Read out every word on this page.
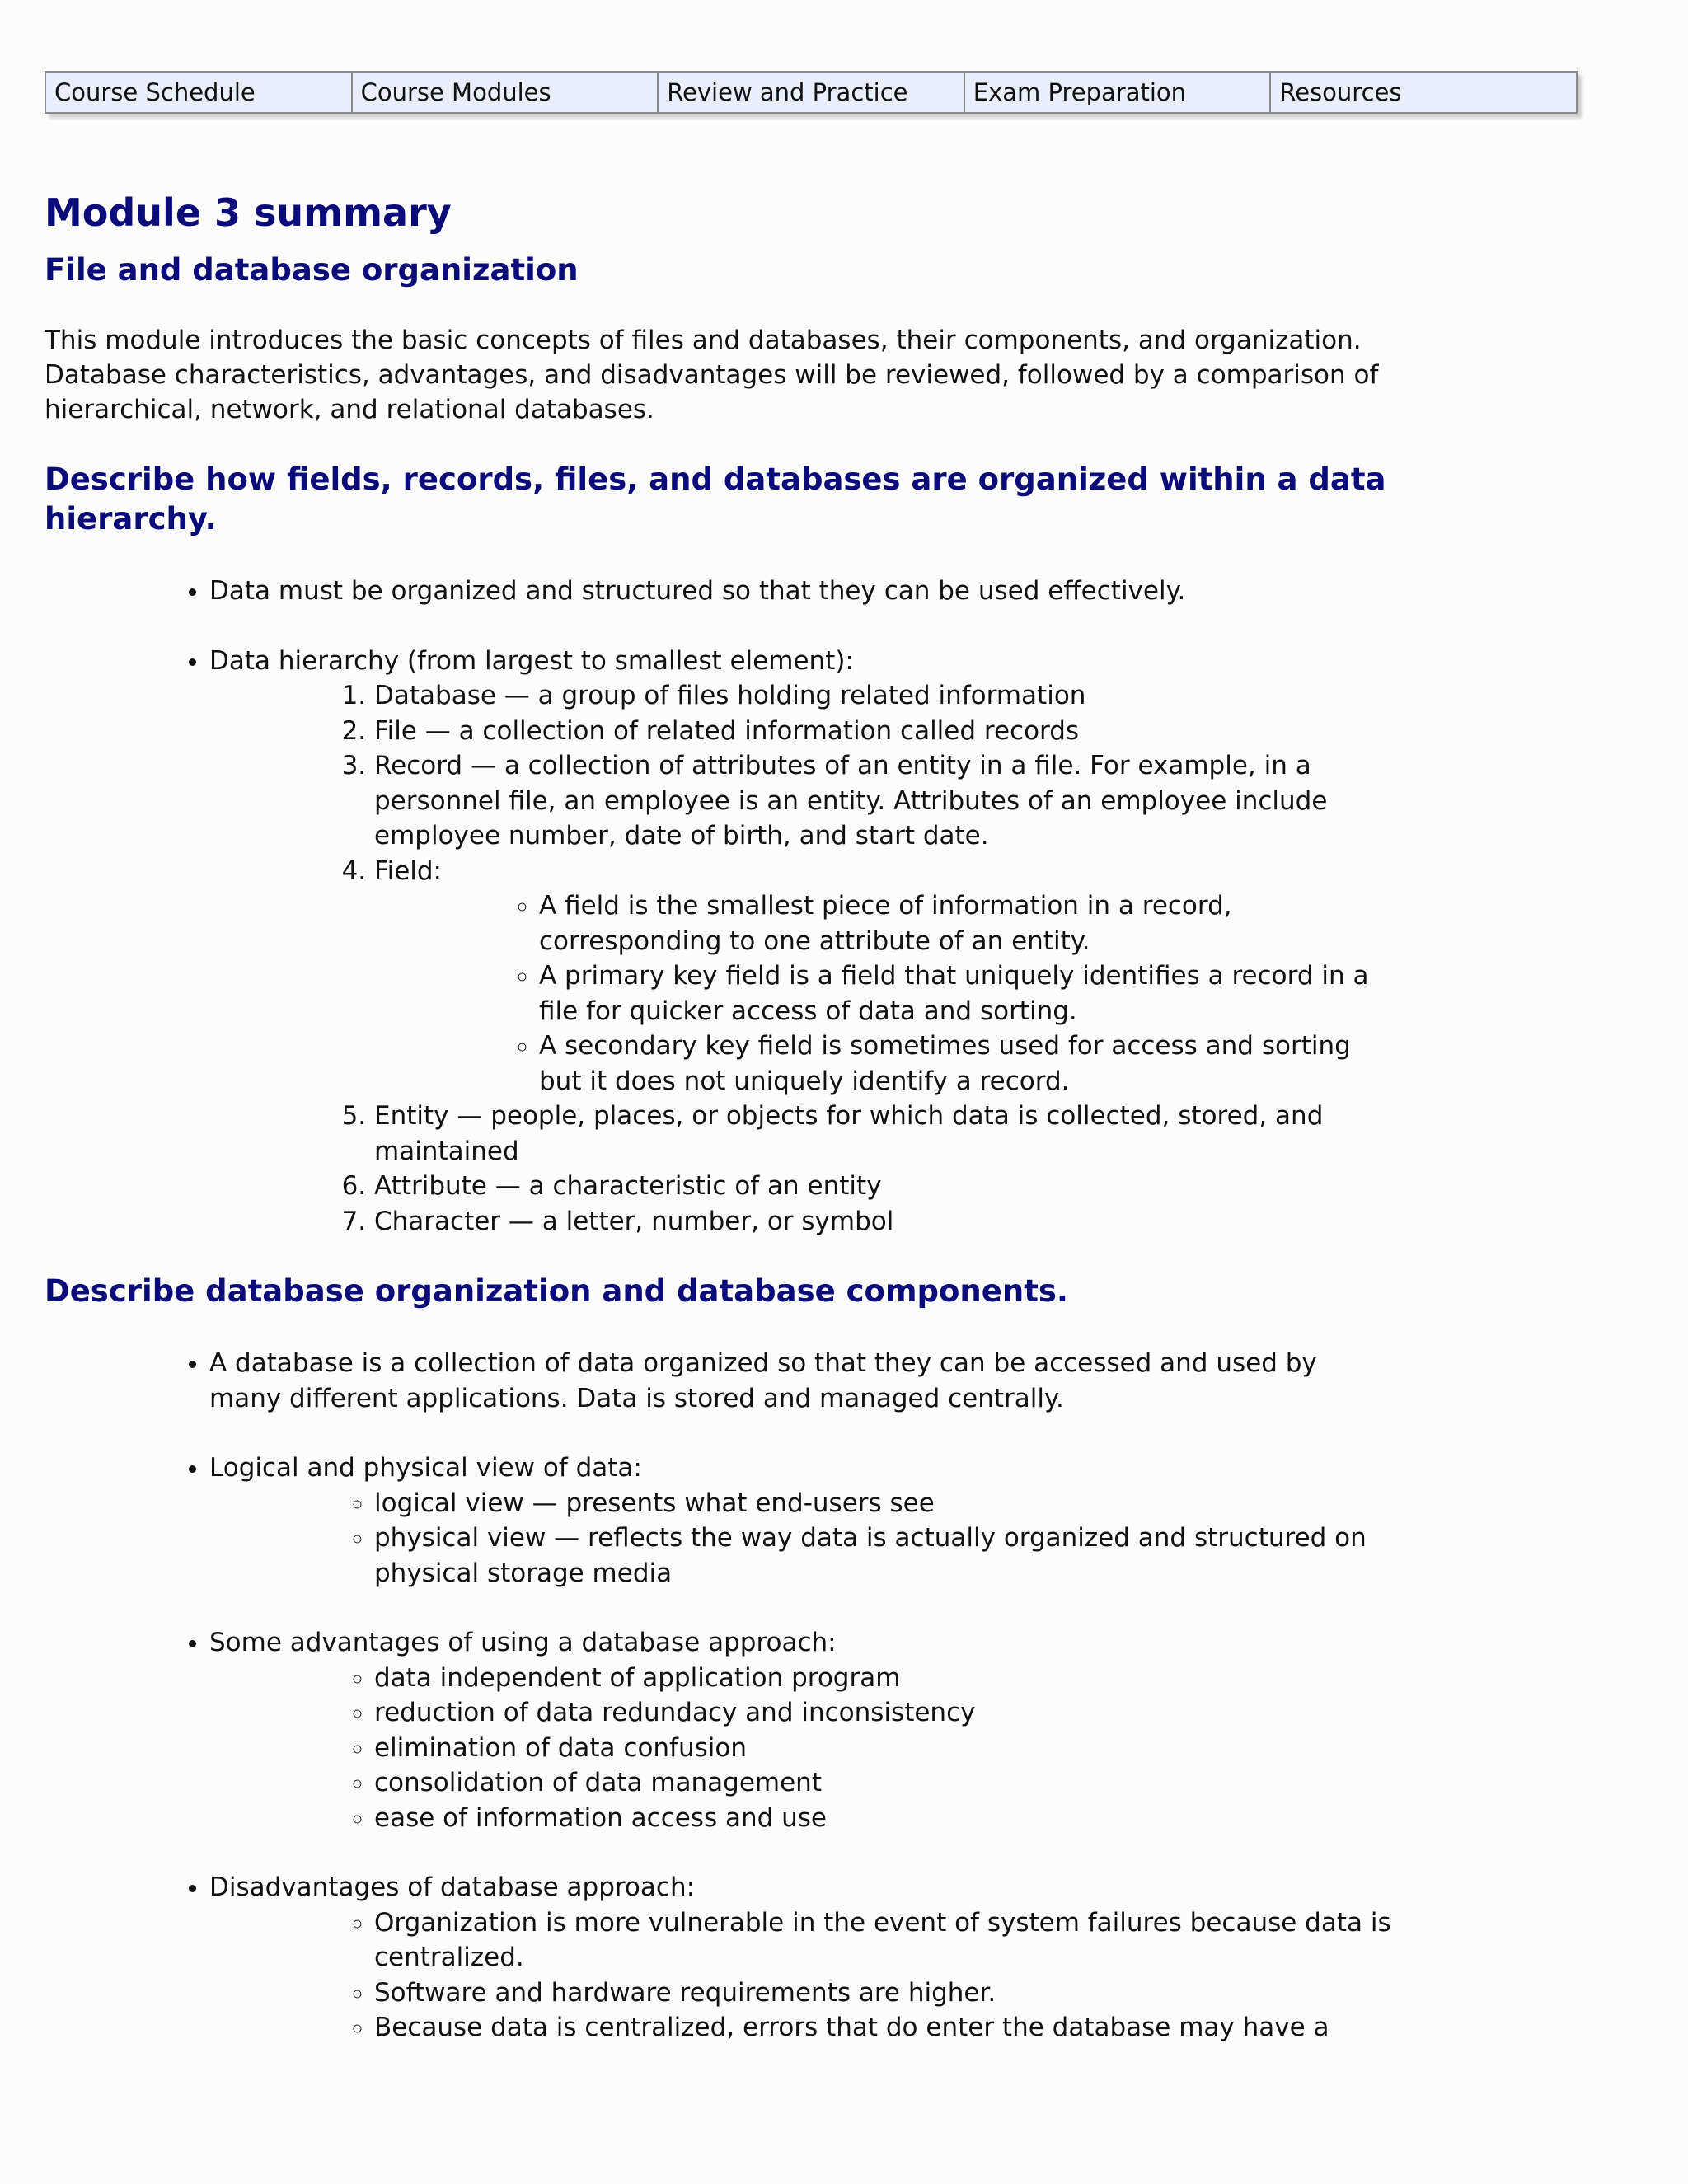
Course Schedule	Course Modules	Review and Practice	Exam Preparation	Resources
Module 3 summary
File and database organization

This module introduces the basic concepts of files and databases, their components, and organization. Database characteristics, advantages, and disadvantages will be reviewed, followed by a comparison of hierarchical, network, and relational databases.

Describe how fields, records, files, and databases are organized within a data hierarchy.
• Data must be organized and structured so that they can be used effectively.
• Data hierarchy (from largest to smallest element):
1. Database — a group of files holding related information
2. File — a collection of related information called records
3. Record — a collection of attributes of an entity in a file. For example, in a personnel file, an employee is an entity. Attributes of an employee include employee number, date of birth, and start date.
4. Field:
◦ A field is the smallest piece of information in a record, corresponding to one attribute of an entity.
◦ A primary key field is a field that uniquely identifies a record in a file for quicker access of data and sorting.
◦ A secondary key field is sometimes used for access and sorting but it does not uniquely identify a record.
5. Entity — people, places, or objects for which data is collected, stored, and maintained
6. Attribute — a characteristic of an entity
7. Character — a letter, number, or symbol
Describe database organization and database components.
• A database is a collection of data organized so that they can be accessed and used by many different applications. Data is stored and managed centrally.
• Logical and physical view of data:
◦ logical view — presents what end-users see
◦ physical view — reflects the way data is actually organized and structured on physical storage media
• Some advantages of using a database approach:
◦ data independent of application program
◦ reduction of data redundacy and inconsistency
◦ elimination of data confusion
◦ consolidation of data management
◦ ease of information access and use
• Disadvantages of database approach:
◦ Organization is more vulnerable in the event of system failures because data is centralized.
◦ Software and hardware requirements are higher.
◦ Because data is centralized, errors that do enter the database may have a
